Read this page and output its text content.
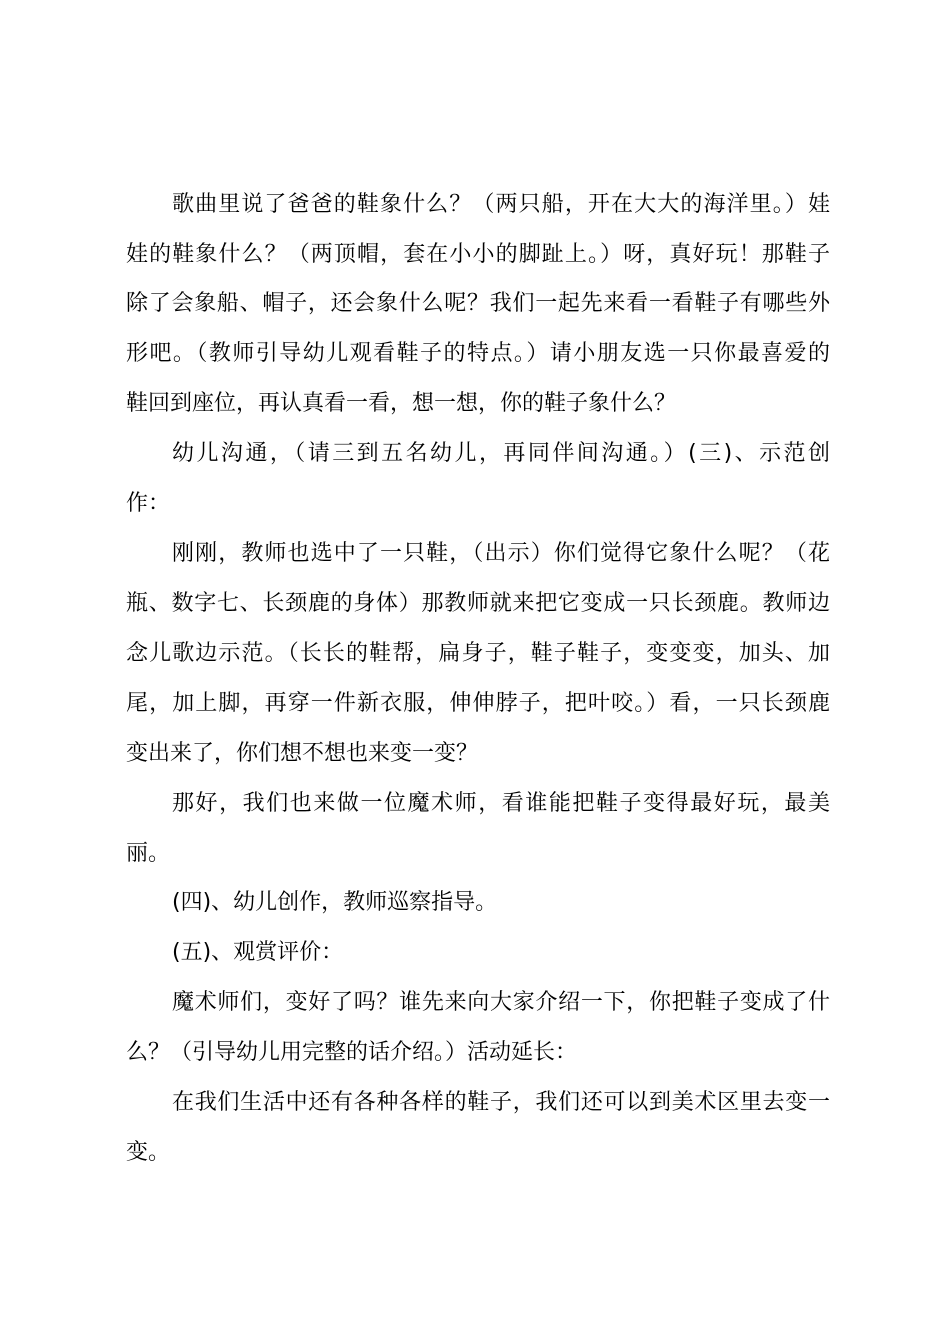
歌曲里说了爸爸的鞋象什么？（两只船，开在大大的海洋里。）娃
娃的鞋象什么？（两顶帽，套在小小的脚趾上。）呀，真好玩！那鞋子
除了会象船、帽子，还会象什么呢？我们一起先来看一看鞋子有哪些外
形吧。（教师引导幼儿观看鞋子的特点。）请小朋友选一只你最喜爱的
鞋回到座位，再认真看一看，想一想，你的鞋子象什么？
幼儿沟通，（请三到五名幼儿，再同伴间沟通。）(三)、示范创
作：
刚刚，教师也选中了一只鞋，（出示）你们觉得它象什么呢？（花
瓶、数字七、长颈鹿的身体）那教师就来把它变成一只长颈鹿。教师边
念儿歌边示范。（长长的鞋帮，扁身子，鞋子鞋子，变变变，加头、加
尾，加上脚，再穿一件新衣服，伸伸脖子，把叶咬。）看，一只长颈鹿
变出来了，你们想不想也来变一变？
那好，我们也来做一位魔术师，看谁能把鞋子变得最好玩，最美
丽。
(四)、幼儿创作，教师巡察指导。
(五)、观赏评价：
魔术师们，变好了吗？谁先来向大家介绍一下，你把鞋子变成了什
么？（引导幼儿用完整的话介绍。）活动延长：
在我们生活中还有各种各样的鞋子，我们还可以到美术区里去变一
变。
